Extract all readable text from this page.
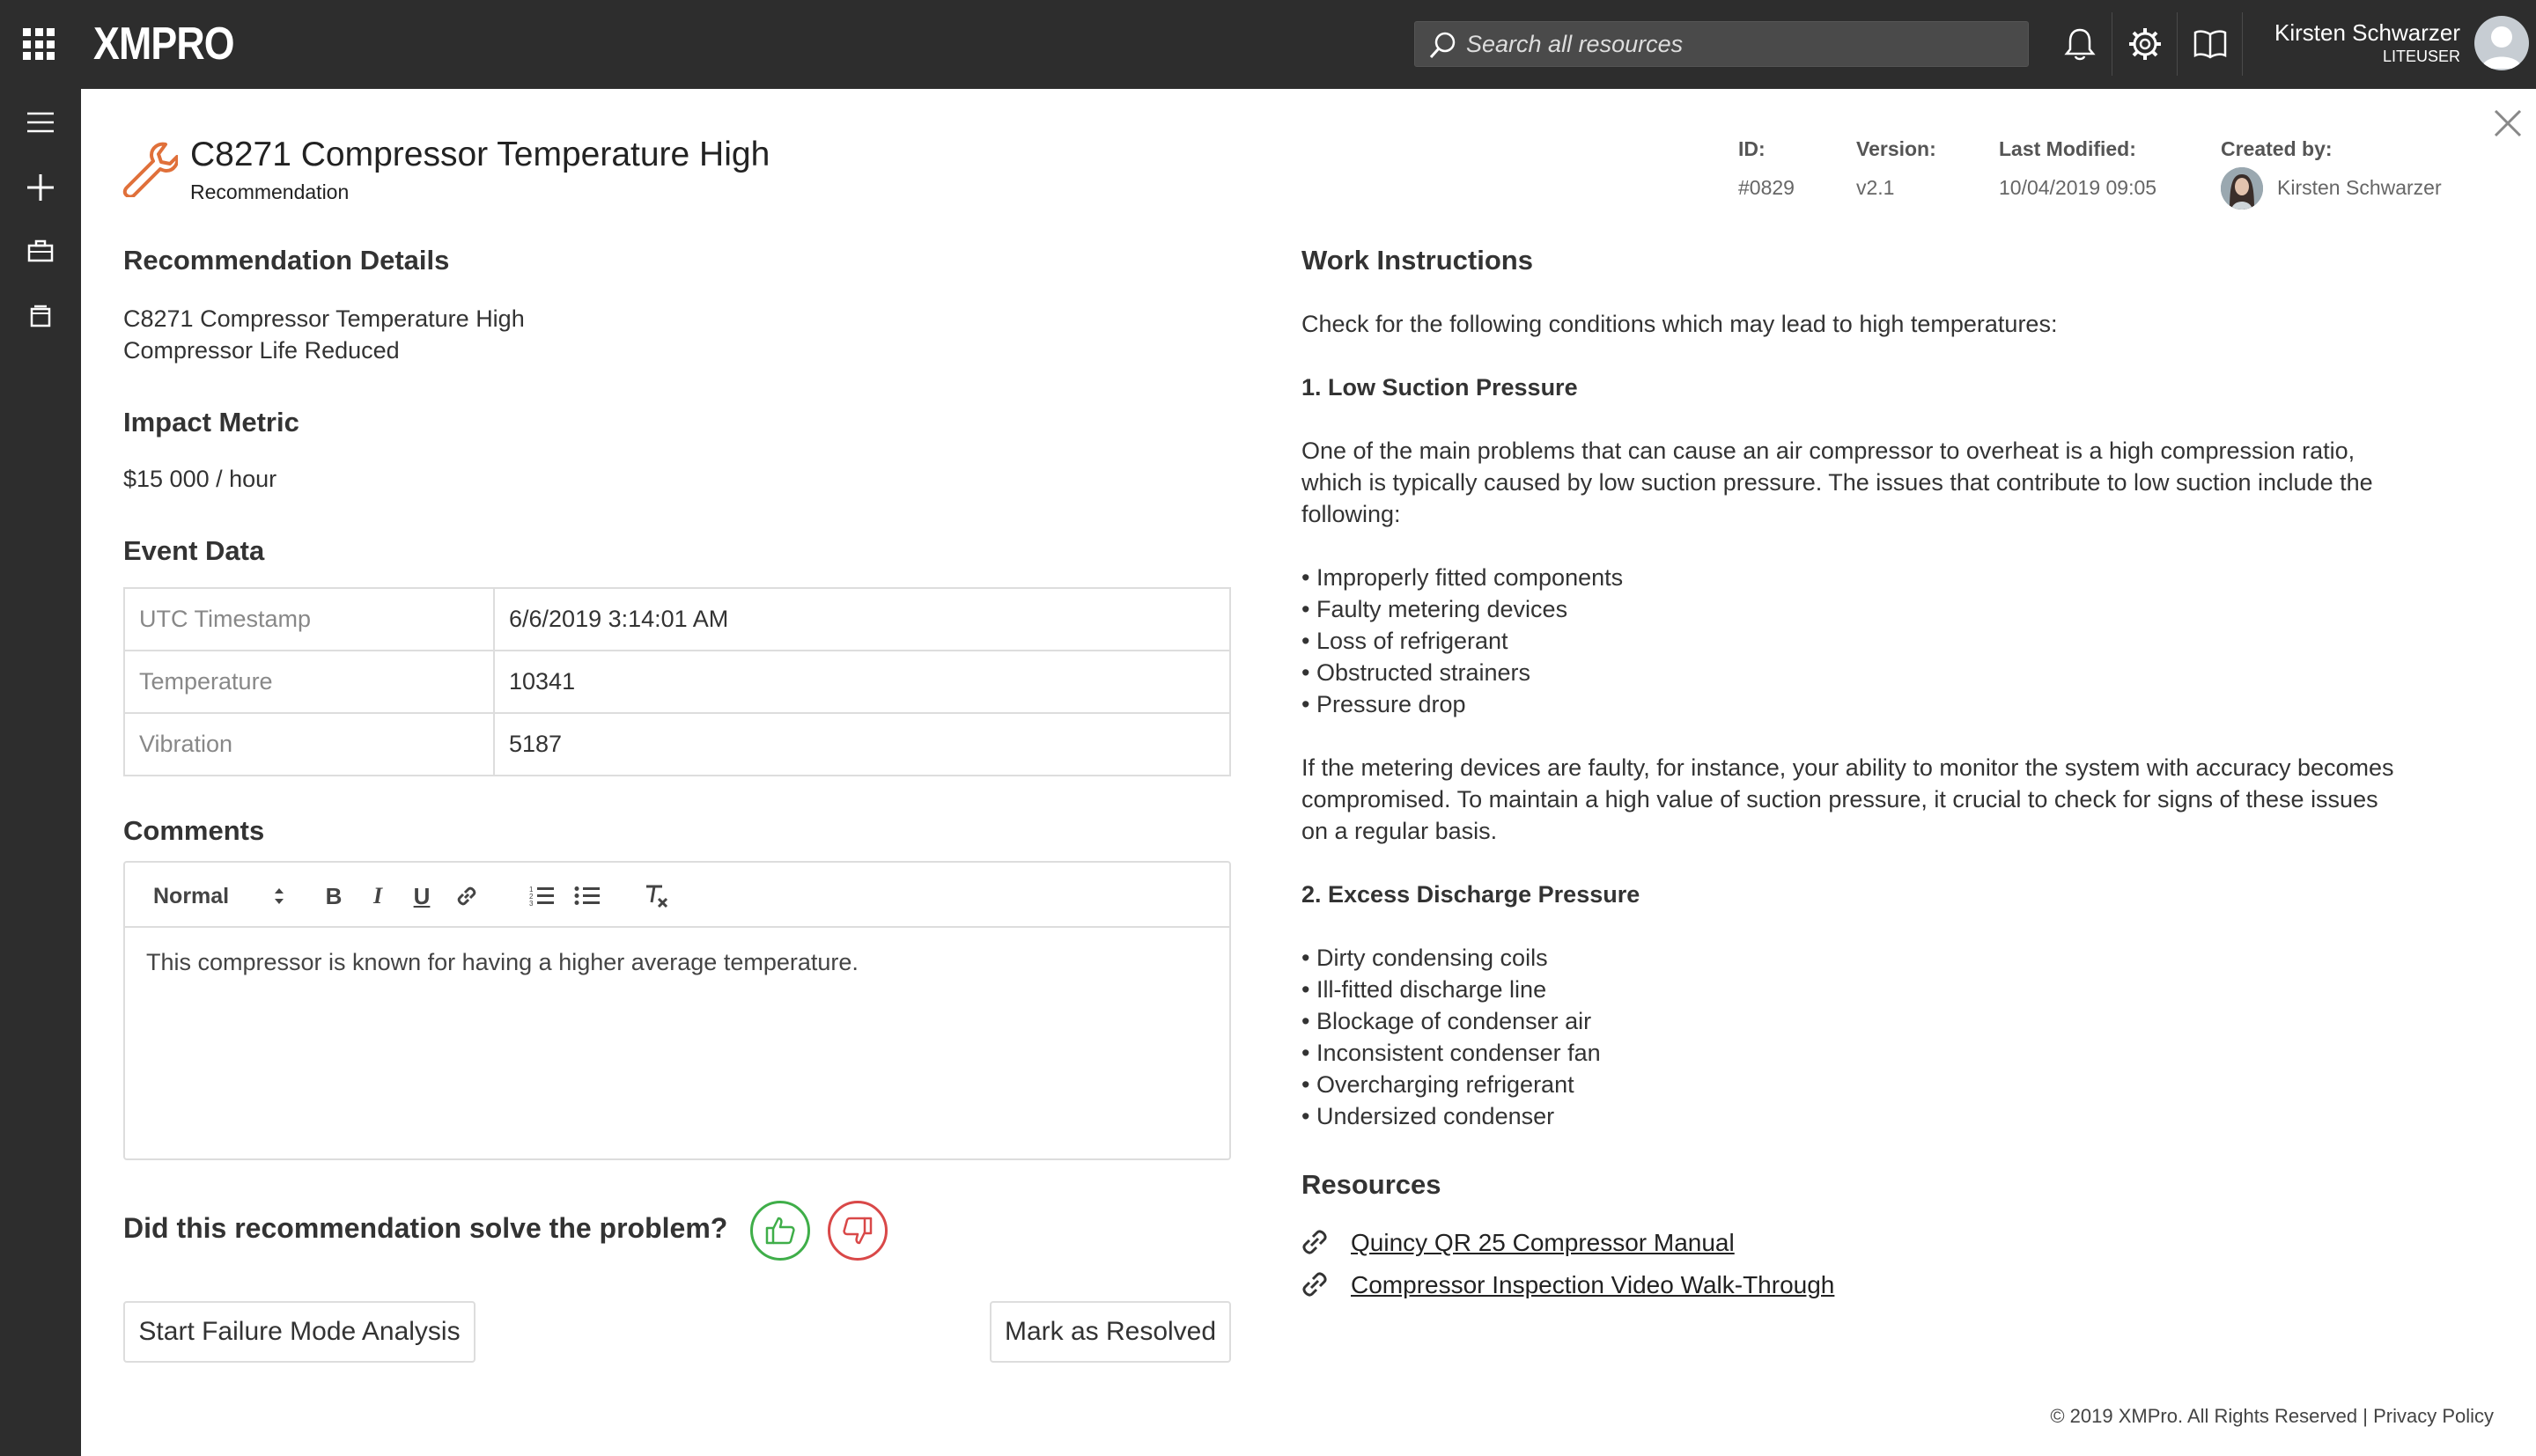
XMPRO
Search all resources	Kirsten Schwarzer
LITEUSER
C8271 Compressor Temperature High
Recommendation
ID:
#0829
Version:
v2.1
Last Modified:
10/04/2019 09:05
Created by:
Kirsten Schwarzer
Recommendation Details
C8271 Compressor Temperature High
Compressor Life Reduced
Impact Metric
$15 000 / hour
Event Data
UTC Timestamp	6/6/2019 3:14:01 AM
Temperature	10341
Vibration	5187
Comments
Normal	B	I	U	1
2
3
This compressor is known for having a higher average temperature.
Did this recommendation solve the problem?
Start Failure Mode Analysis	Mark as Resolved
Work Instructions
Check for the following conditions which may lead to high temperatures:
1. Low Suction Pressure
One of the main problems that can cause an air compressor to overheat is a high compression ratio,
which is typically caused by low suction pressure. The issues that contribute to low suction include the
following:
• Improperly fitted components
• Faulty metering devices
• Loss of refrigerant
• Obstructed strainers
• Pressure drop
If the metering devices are faulty, for instance, your ability to monitor the system with accuracy becomes
compromised. To maintain a high value of suction pressure, it crucial to check for signs of these issues
on a regular basis.
2. Excess Discharge Pressure
• Dirty condensing coils
• Ill-fitted discharge line
• Blockage of condenser air
• Inconsistent condenser fan
• Overcharging refrigerant
• Undersized condenser
Resources
Quincy QR 25 Compressor Manual
Compressor Inspection Video Walk-Through
© 2019 XMPro. All Rights Reserved | Privacy Policy
